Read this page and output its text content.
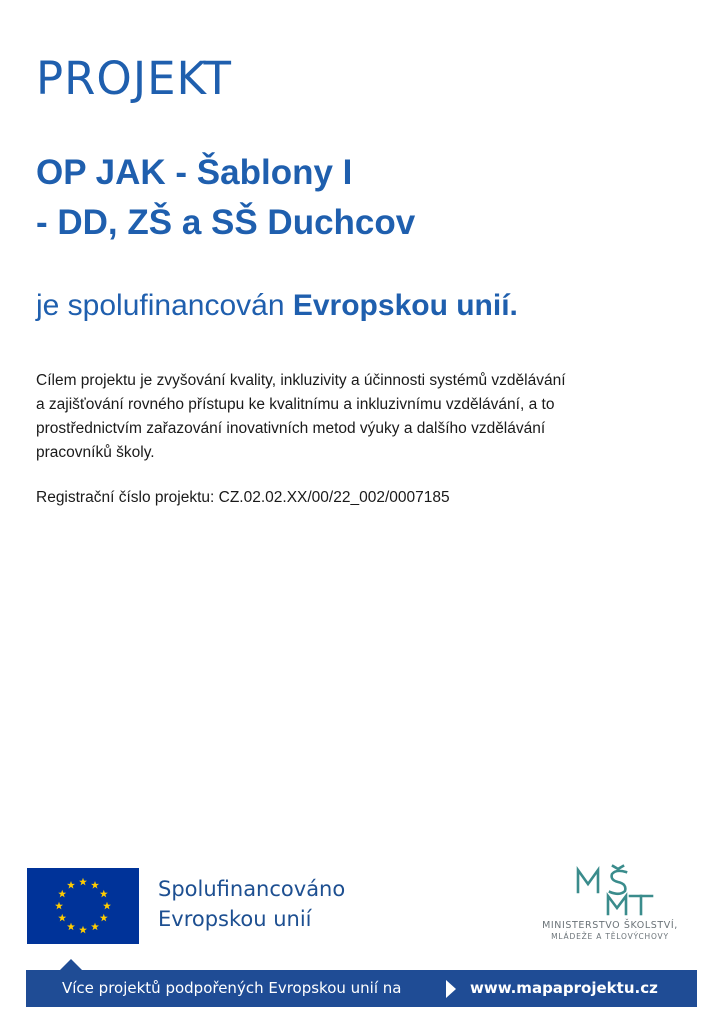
PROJEKT
OP JAK - Šablony I
- DD, ZŠ a SŠ Duchcov

je spolufinancován Evropskou unií.

Cílem projektu je zvyšování kvality, inkluzivity a účinnosti systémů vzdělávání
a zajišťování rovného přístupu ke kvalitnímu a inkluzivnímu vzdělávání, a to
prostřednictvím zařazování inovativních metod výuky a dalšího vzdělávání
pracovníků školy.

Registrační číslo projektu: CZ.02.02.XX/00/22_002/0007185

Spolufinancováno
Evropskou unií	MINISTERSTVO ŠKOLSTVÍ,
MLÁDEŽE A TĚLOVÝCHOVY
Více projektů podpořených Evropskou unií na	www.mapaprojektu.cz
